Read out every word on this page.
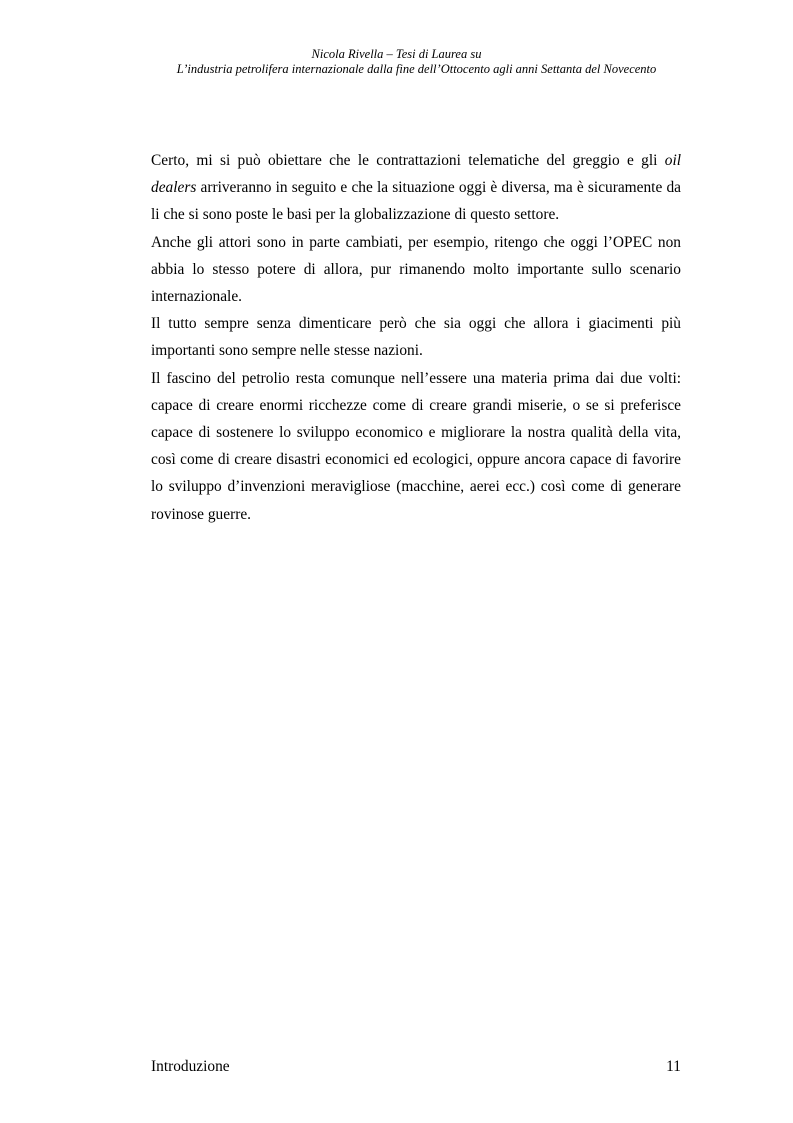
Nicola Rivella – Tesi di Laurea su
L’industria petrolifera internazionale dalla fine dell’Ottocento agli anni Settanta del Novecento

Certo, mi si può obiettare che le contrattazioni telematiche del greggio e gli oil dealers arriveranno in seguito e che la situazione oggi è diversa, ma è sicuramente da li che si sono poste le basi per la globalizzazione di questo settore.

Anche gli attori sono in parte cambiati, per esempio, ritengo che oggi l’OPEC non abbia lo stesso potere di allora, pur rimanendo molto importante sullo scenario internazionale.

Il tutto sempre senza dimenticare però che sia oggi che allora i giacimenti più importanti sono sempre nelle stesse nazioni.

Il fascino del petrolio resta comunque nell’essere una materia prima dai due volti: capace di creare enormi ricchezze come di creare grandi miserie, o se si preferisce capace di sostenere lo sviluppo economico e migliorare la nostra qualità della vita, così come di creare disastri economici ed ecologici, oppure ancora capace di favorire lo sviluppo d’invenzioni meravigliose (macchine, aerei ecc.) così come di generare rovinose guerre.

Introduzione	11
